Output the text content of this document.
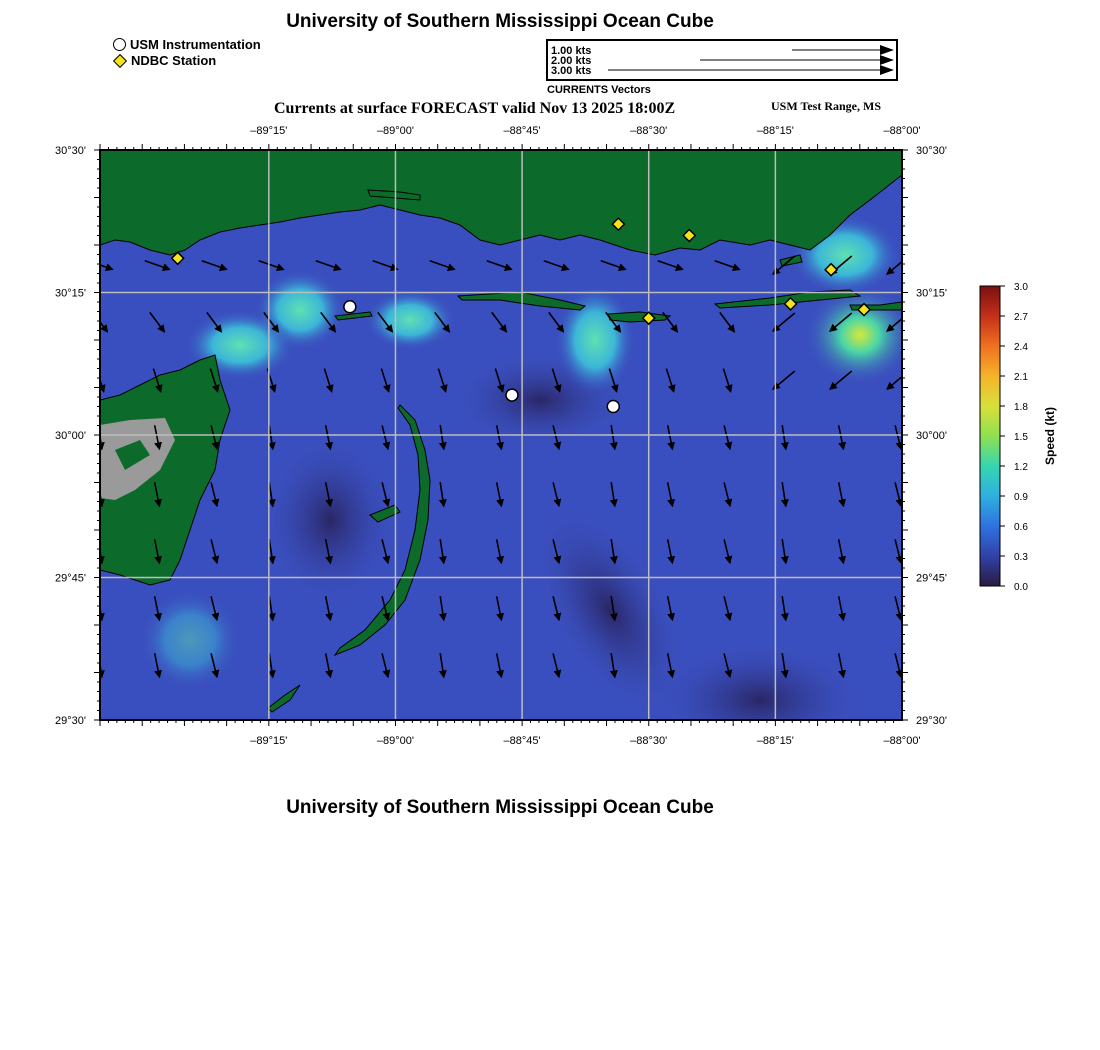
University of Southern Mississippi Ocean Cube
USM Instrumentation
NDBC Station
1.00 kts
2.00 kts
3.00 kts
CURRENTS Vectors
Currents at surface FORECAST valid Nov 13 2025 18:00Z	USM Test Range, MS
–89°15'	–89°00'	–88°45'	–88°30'	–88°15'	–88°00'
–89°15'	–89°00'	–88°45'	–88°30'	–88°15'	–88°00'
30°30'
30°15'
30°00'
29°45'
29°30'
30°30'
30°15'
30°00'
29°45'
29°30'
3.0
2.7
2.4
2.1
1.8
1.5
1.2
0.9
0.6
0.3
0.0
Speed (kt)
University of Southern Mississippi Ocean Cube
